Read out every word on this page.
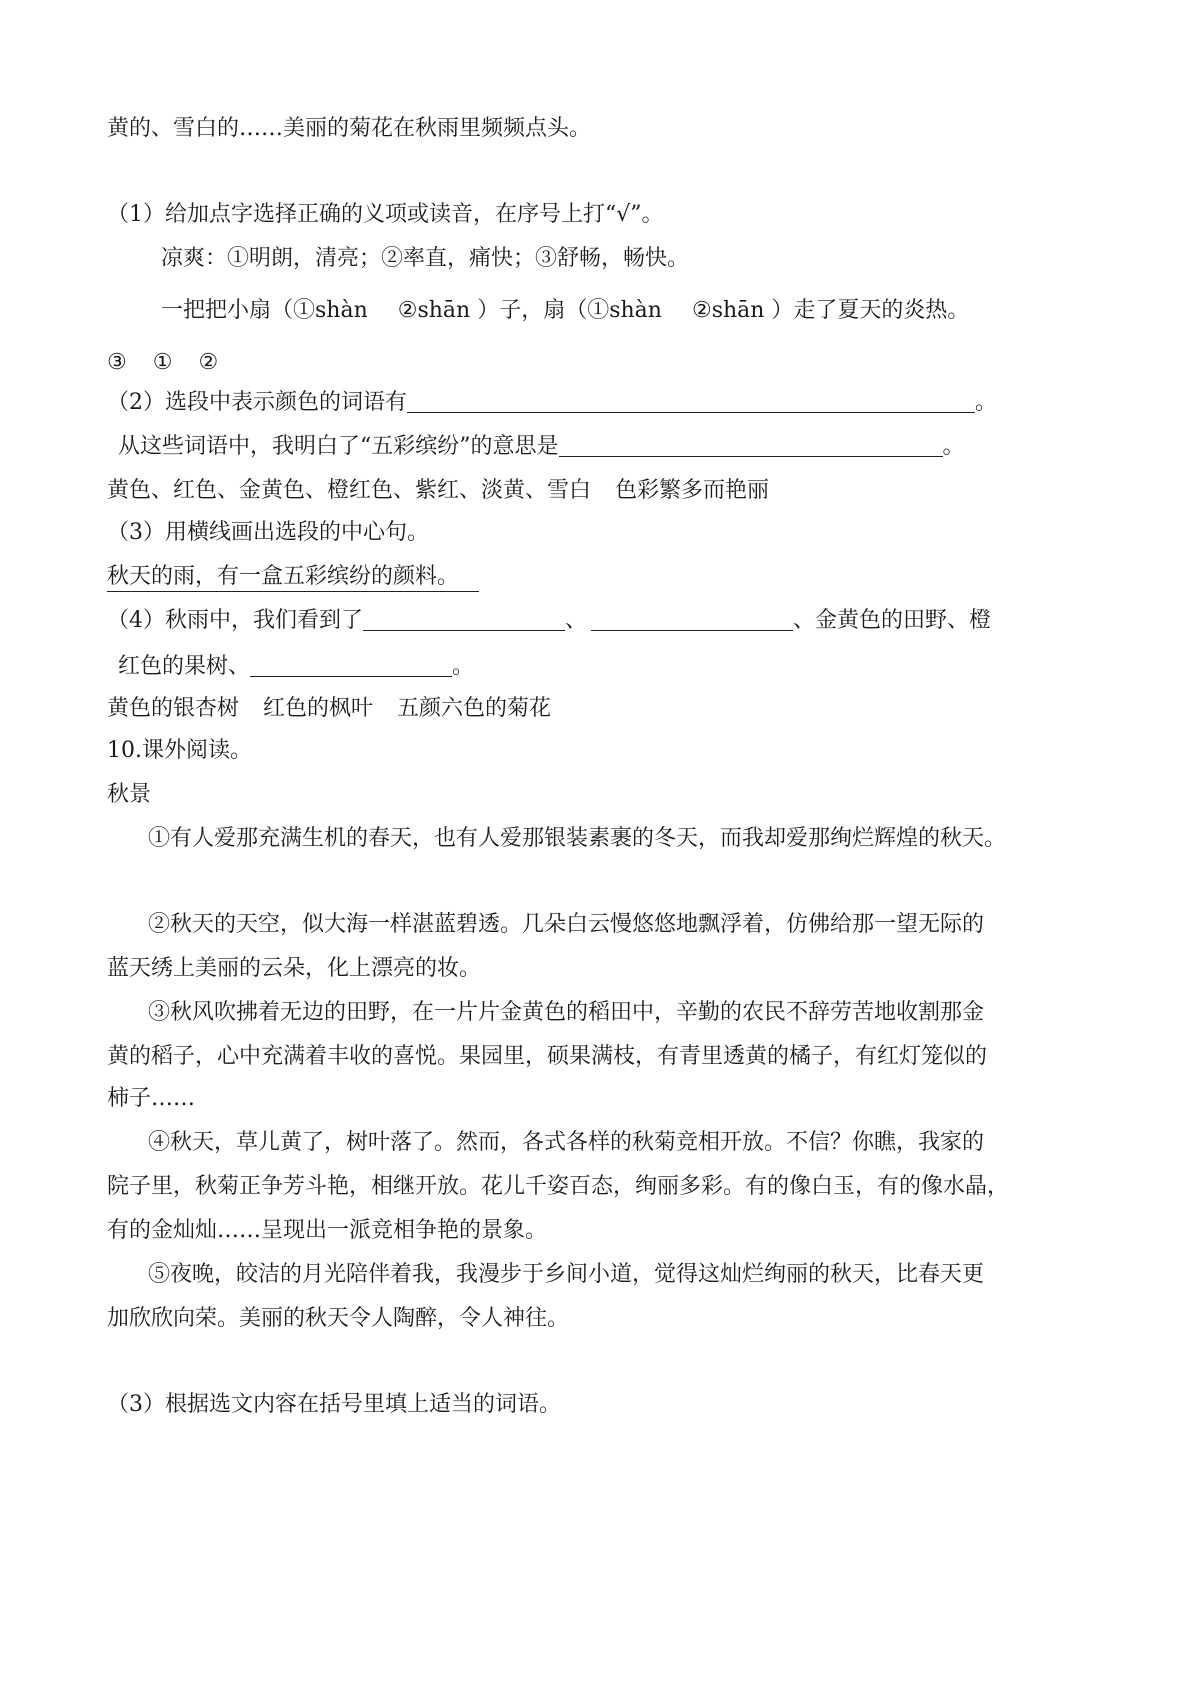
黄的、雪白的……美丽的菊花在秋雨里频频点头。
（1）给加点字选择正确的义项或读音，在序号上打“√”。
凉爽：①明朗，清亮；②率直，痛快；③舒畅，畅快。
一把把小扇（①shàn ②shān ）子，扇（①shàn ②shān ）走了夏天的炎热。
③ ① ②
（2）选段中表示颜色的词语有	。
从这些词语中，我明白了“五彩缤纷”的意思是	。
黄色、红色、金黄色、橙红色、紫红、淡黄、雪白 色彩繁多而艳丽
（3）用横线画出选段的中心句。
秋天的雨，有一盒五彩缤纷的颜料。
（4）秋雨中，我们看到了	、	、金黄色的田野、橙
红色的果树、	。
黄色的银杏树 红色的枫叶 五颜六色的菊花
10.课外阅读。
秋景
①有人爱那充满生机的春天，也有人爱那银装素裹的冬天，而我却爱那绚烂辉煌的秋天。
②秋天的天空，似大海一样湛蓝碧透。几朵白云慢悠悠地飘浮着，仿佛给那一望无际的
蓝天绣上美丽的云朵，化上漂亮的妆。
③秋风吹拂着无边的田野，在一片片金黄色的稻田中，辛勤的农民不辞劳苦地收割那金
黄的稻子，心中充满着丰收的喜悦。果园里，硕果满枝，有青里透黄的橘子，有红灯笼似的
柿子……
④秋天，草儿黄了，树叶落了。然而，各式各样的秋菊竞相开放。不信？你瞧，我家的
院子里，秋菊正争芳斗艳，相继开放。花儿千姿百态，绚丽多彩。有的像白玉，有的像水晶，
有的金灿灿……呈现出一派竞相争艳的景象。
⑤夜晚，皎洁的月光陪伴着我，我漫步于乡间小道，觉得这灿烂绚丽的秋天，比春天更
加欣欣向荣。美丽的秋天令人陶醉，令人神往。
（3）根据选文内容在括号里填上适当的词语。
